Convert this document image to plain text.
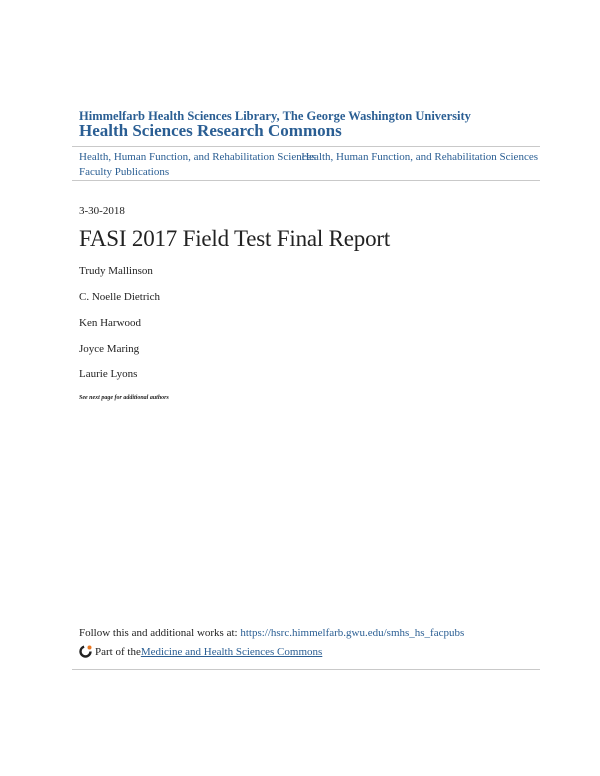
Himmelfarb Health Sciences Library, The George Washington University
Health Sciences Research Commons
Health, Human Function, and Rehabilitation Sciences Faculty Publications
Health, Human Function, and Rehabilitation Sciences
3-30-2018
FASI 2017 Field Test Final Report
Trudy Mallinson
C. Noelle Dietrich
Ken Harwood
Joyce Maring
Laurie Lyons
See next page for additional authors
Follow this and additional works at: https://hsrc.himmelfarb.gwu.edu/smhs_hs_facpubs
Part of the Medicine and Health Sciences Commons
